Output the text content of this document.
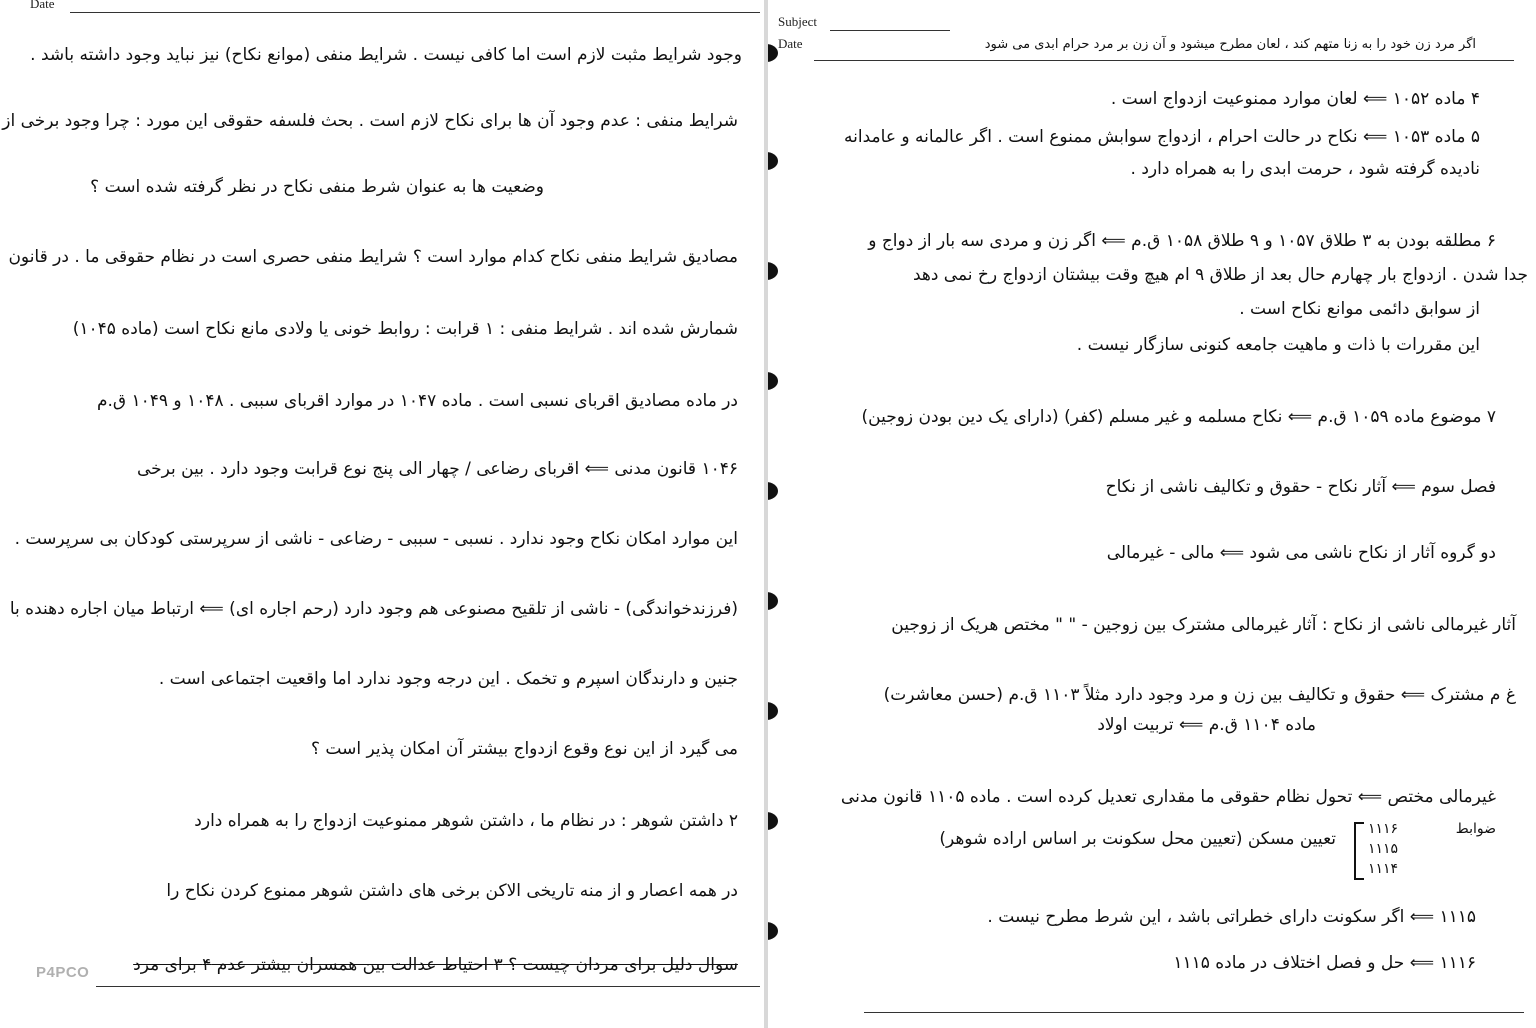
Date
وجود شرایط مثبت لازم است اما کافی نیست . شرایط منفی (موانع نکاح) نیز نباید وجود داشته باشد .
شرایط منفی : عدم وجود آن ها برای نکاح لازم است . بحث فلسفه حقوقی این مورد : چرا وجود برخی از
وضعیت ها به عنوان شرط منفی نکاح در نظر گرفته شده است ؟
مصادیق شرایط منفی نکاح کدام موارد است ؟ شرایط منفی حصری است در نظام حقوقی ما . در قانون
شمارش شده اند . شرایط منفی : ۱ قرابت : روابط خونی یا ولادی مانع نکاح است (ماده ۱۰۴۵)
در ماده مصادیق اقربای نسبی است . ماده ۱۰۴۷ در موارد اقربای سببی . ۱۰۴۸ و ۱۰۴۹ ق.م
۱۰۴۶ قانون مدنی ⟸ اقربای رضاعی / چهار الی پنج نوع قرابت وجود دارد . بین برخی
این موارد امکان نکاح وجود ندارد . نسبی - سببی - رضاعی - ناشی از سرپرستی کودکان بی سرپرست .
(فرزندخواندگی) - ناشی از تلقیح مصنوعی هم وجود دارد (رحم اجاره ای) ⟸ ارتباط میان اجاره دهنده با
جنین و دارندگان اسپرم و تخمک . این درجه وجود ندارد اما واقعیت اجتماعی است .
می گیرد از این نوع وقوع ازدواج بیشتر آن امکان پذیر است ؟
۲ داشتن شوهر : در نظام ما ، داشتن شوهر ممنوعیت ازدواج را به همراه دارد
در همه اعصار و از منه تاریخی الاکن برخی های داشتن شوهر ممنوع کردن نکاح را
سوال دلیل برای مردان چیست ؟ ۳ احتیاط عدالت بین همسران بیشتر عدم ۴ برای مرد
P4PCO
Subject
Date	اگر مرد زن خود را به زنا متهم کند ، لعان مطرح میشود و آن زن بر مرد حرام ابدی می شود
۴ ماده ۱۰۵۲ ⟸ لعان موارد ممنوعیت ازدواج است .
۵ ماده ۱۰۵۳ ⟸ نکاح در حالت احرام ، ازدواج سوابش ممنوع است . اگر عالمانه و عامدانه
نادیده گرفته شود ، حرمت ابدی را به همراه دارد .
۶ مطلقه بودن به ۳ طلاق ۱۰۵۷ و ۹ طلاق ۱۰۵۸ ق.م ⟸ اگر زن و مردی سه بار از دواج و
جدا شدن . ازدواج بار چهارم حال بعد از طلاق ۹ ام هیچ وقت بیشتان ازدواج رخ نمی دهد
از سوابق دائمی موانع نکاح است .
این مقررات با ذات و ماهیت جامعه کنونی سازگار نیست .
۷ موضوع ماده ۱۰۵۹ ق.م ⟸ نکاح مسلمه و غیر مسلم (کفر) (دارای یک دین بودن زوجین)
فصل سوم ⟸ آثار نکاح - حقوق و تکالیف ناشی از نکاح
دو گروه آثار از نکاح ناشی می شود ⟸ مالی - غیرمالی
آثار غیرمالی ناشی از نکاح : آثار غیرمالی مشترک بین زوجین - " " مختص هریک از زوجین
غ م مشترک ⟸ حقوق و تکالیف بین زن و مرد وجود دارد مثلاً ۱۱۰۳ ق.م (حسن معاشرت)
ماده ۱۱۰۴ ق.م ⟸ تربیت اولاد
غیرمالی مختص ⟸ تحول نظام حقوقی ما مقداری تعدیل کرده است . ماده ۱۱۰۵ قانون مدنی
ضوابط
۱۱۱۶
۱۱۱۵
۱۱۱۴
تعیین مسکن (تعیین محل سکونت بر اساس اراده شوهر)
۱۱۱۵ ⟸ اگر سکونت دارای خطراتی باشد ، این شرط مطرح نیست .
۱۱۱۶ ⟸ حل و فصل اختلاف در ماده ۱۱۱۵
